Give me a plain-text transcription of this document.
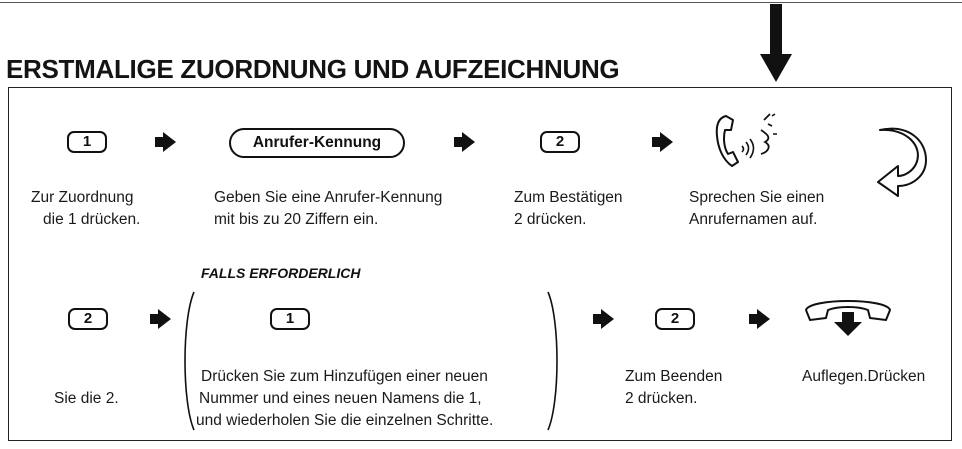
ERSTMALIGE ZUORDNUNG UND AUFZEICHNUNG
1	Anrufer-Kennung	2
Zur Zuordnung
die 1 drücken.
Geben Sie eine Anrufer-Kennung
mit bis zu 20 Ziffern ein.
Zum Bestätigen
2 drücken.
Sprechen Sie einen
Anrufernamen auf.
FALLS ERFORDERLICH
2	1	2
Sie die 2.
Drücken Sie zum Hinzufügen einer neuen
Nummer und eines neuen Namens die 1,
und wiederholen Sie die einzelnen Schritte.
Zum Beenden
2 drücken.
Auflegen.Drücken
